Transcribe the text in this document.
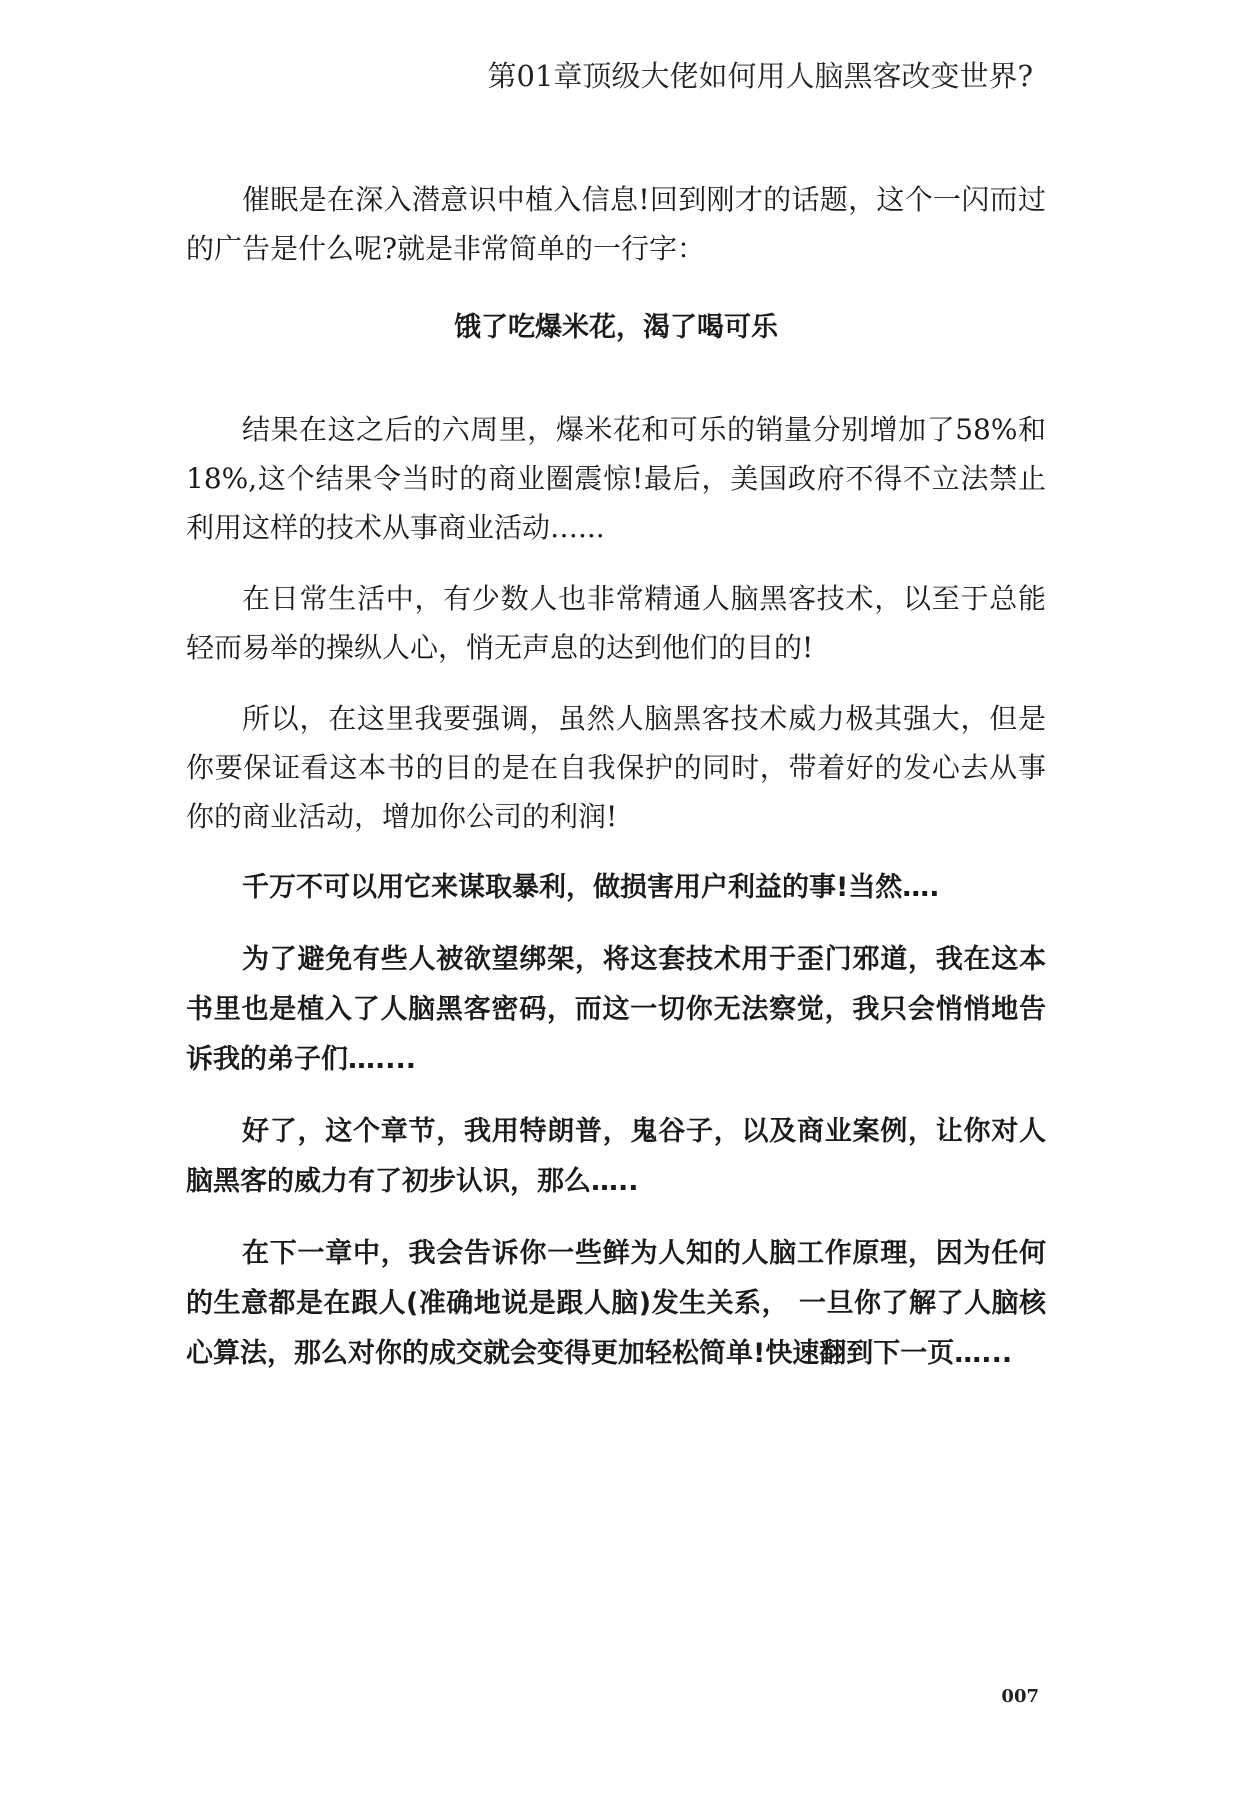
第01章顶级大佬如何用人脑黑客改变世界?

催眠是在深入潜意识中植入信息!回到刚才的话题，这个一闪而过的广告是什么呢?就是非常简单的一行字：

饿了吃爆米花，渴了喝可乐

结果在这之后的六周里，爆米花和可乐的销量分别增加了58%和18%,这个结果令当时的商业圈震惊!最后，美国政府不得不立法禁止利用这样的技术从事商业活动…...

在日常生活中，有少数人也非常精通人脑黑客技术，以至于总能轻而易举的操纵人心，悄无声息的达到他们的目的!

所以，在这里我要强调，虽然人脑黑客技术威力极其强大，但是你要保证看这本书的目的是在自我保护的同时，带着好的发心去从事你的商业活动，增加你公司的利润!

千万不可以用它来谋取暴利，做损害用户利益的事!当然….

为了避免有些人被欲望绑架，将这套技术用于歪门邪道，我在这本书里也是植入了人脑黑客密码，而这一切你无法察觉，我只会悄悄地告诉我的弟子们…....

好了，这个章节，我用特朗普，鬼谷子，以及商业案例，让你对人脑黑客的威力有了初步认识，那么…..

在下一章中，我会告诉你一些鲜为人知的人脑工作原理，因为任何的生意都是在跟人(准确地说是跟人脑)发生关系， 一旦你了解了人脑核心算法，那么对你的成交就会变得更加轻松简单!快速翻到下一页…...

007
